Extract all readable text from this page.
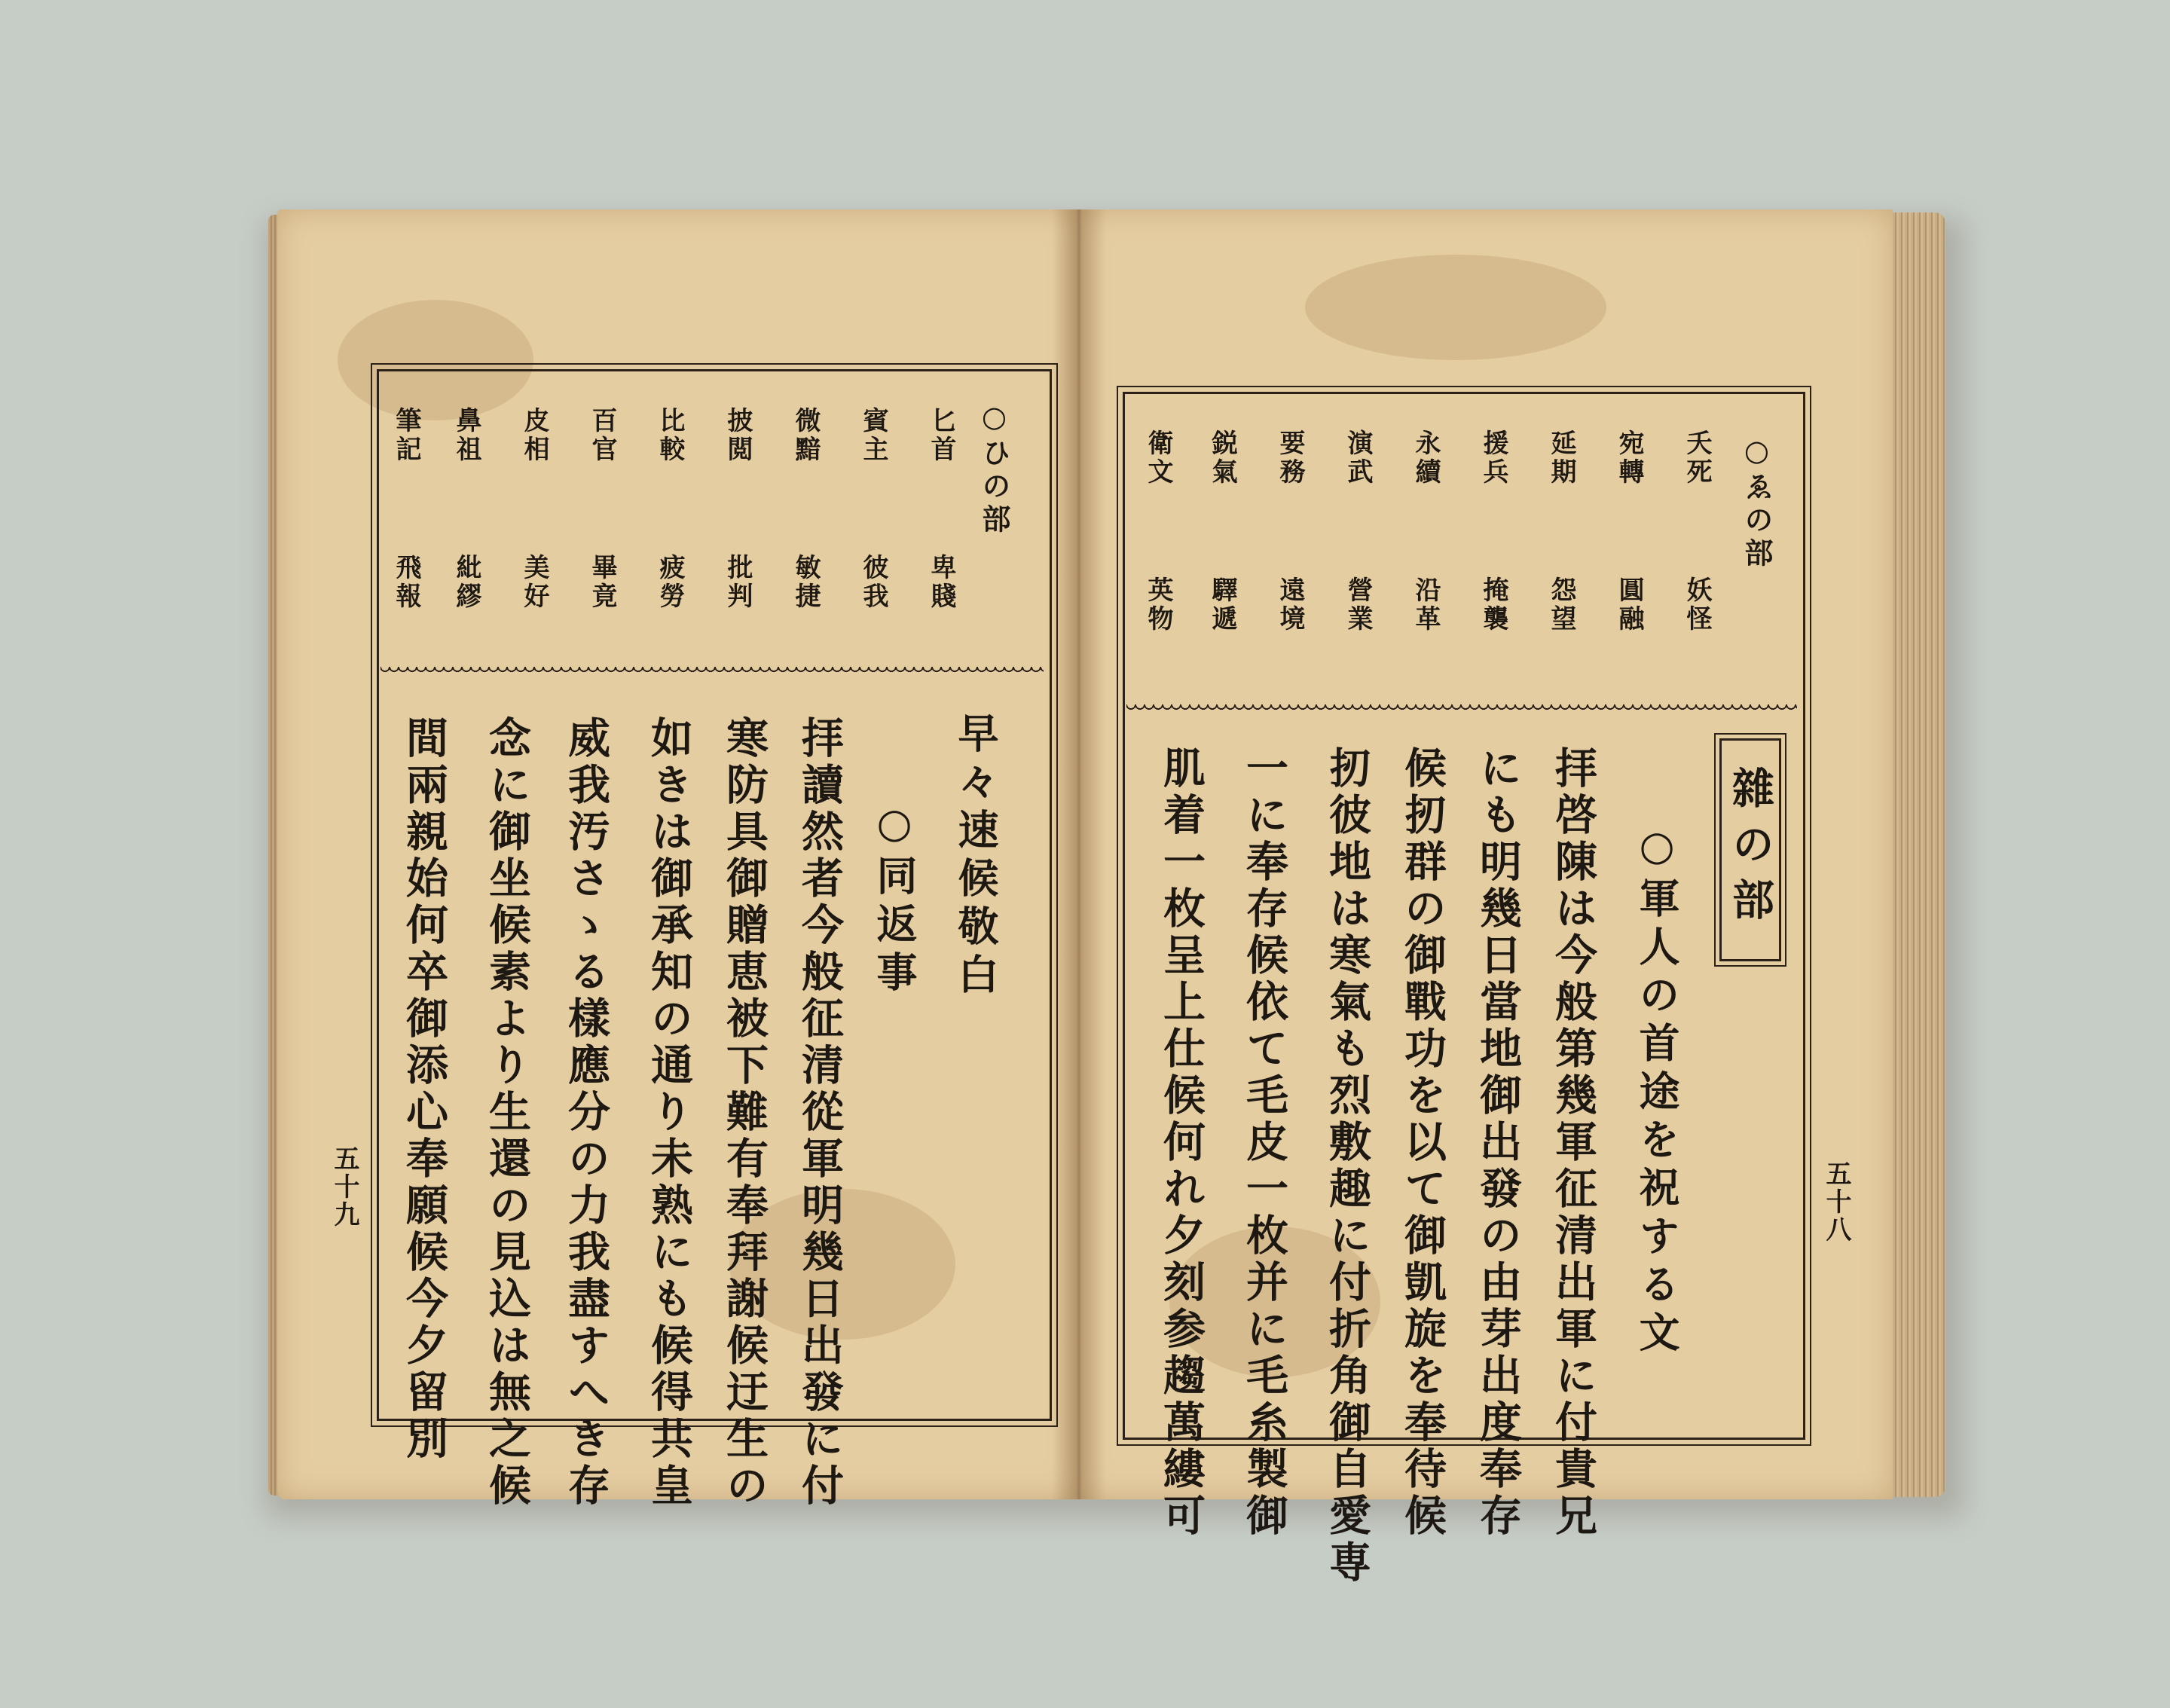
○ひの部
匕首
賓主
微黯
披閲
比較
百官
皮相
鼻祖
筆記
卑賤
彼我
敏捷
批判
疲勞
畢竟
美好
紕繆
飛報
早々速候敬白
○同返事
拝讀然者今般征清從軍明幾日出發に付
寒防具御贈恵被下難有奉拜謝候迂生の
如きは御承知の通り未熟にも候得共皇
威我汚さゝる樣應分の力我盡すへき存
念に御坐候素より生還の見込は無之候
間兩親始何卒御添心奉願候今夕留別
五十九
○ゑの部
夭死
宛轉
延期
援兵
永續
演武
要務
鋭氣
衛文
妖怪
圓融
怨望
掩襲
沿革
營業
遠境
驛遞
英物
雜の部
○軍人の首途を祝する文
拝啓陳は今般第幾軍征清出軍に付貴兄
にも明幾日當地御出發の由芽出度奉存
候扨群の御戰功を以て御凱旋を奉待候
扨彼地は寒氣も烈敷趣に付折角御自愛専
一に奉存候依て毛皮一枚并に毛糸製御
肌着一枚呈上仕候何れ夕刻参趨萬縷可	五十八
